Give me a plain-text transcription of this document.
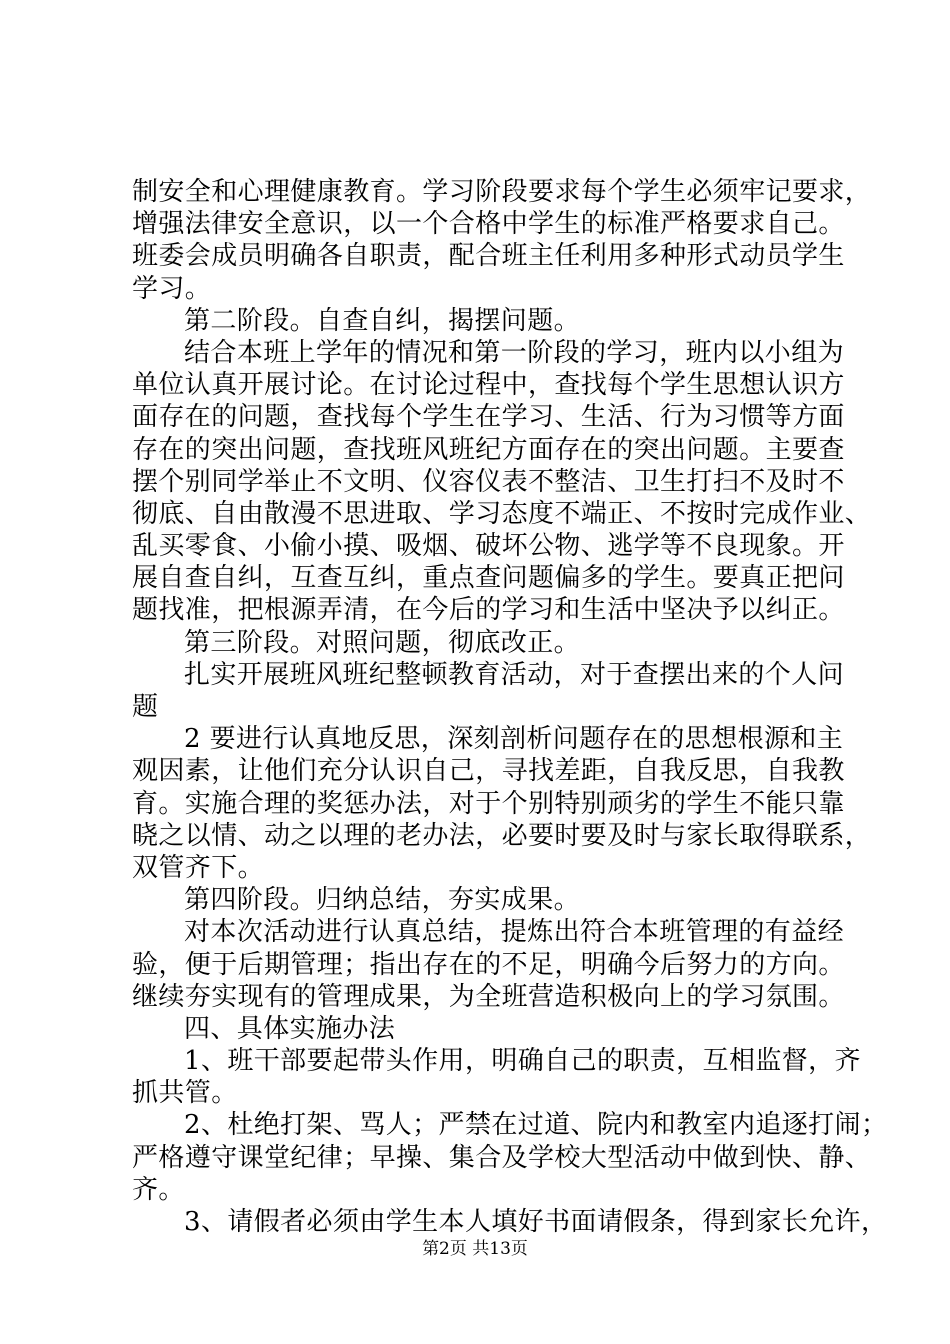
制安全和心理健康教育。学习阶段要求每个学生必须牢记要求，
增强法律安全意识，以一个合格中学生的标准严格要求自己。
班委会成员明确各自职责，配合班主任利用多种形式动员学生
学习。
第二阶段。自查自纠，揭摆问题。
结合本班上学年的情况和第一阶段的学习，班内以小组为
单位认真开展讨论。在讨论过程中，查找每个学生思想认识方
面存在的问题，查找每个学生在学习、生活、行为习惯等方面
存在的突出问题，查找班风班纪方面存在的突出问题。主要查
摆个别同学举止不文明、仪容仪表不整洁、卫生打扫不及时不
彻底、自由散漫不思进取、学习态度不端正、不按时完成作业、
乱买零食、小偷小摸、吸烟、破坏公物、逃学等不良现象。开
展自查自纠，互查互纠，重点查问题偏多的学生。要真正把问
题找准，把根源弄清，在今后的学习和生活中坚决予以纠正。
第三阶段。对照问题，彻底改正。
扎实开展班风班纪整顿教育活动，对于查摆出来的个人问
题
2 要进行认真地反思，深刻剖析问题存在的思想根源和主
观因素，让他们充分认识自己，寻找差距，自我反思，自我教
育。实施合理的奖惩办法，对于个别特别顽劣的学生不能只靠
晓之以情、动之以理的老办法，必要时要及时与家长取得联系，
双管齐下。
第四阶段。归纳总结，夯实成果。
对本次活动进行认真总结，提炼出符合本班管理的有益经
验，便于后期管理；指出存在的不足，明确今后努力的方向。
继续夯实现有的管理成果，为全班营造积极向上的学习氛围。
四、具体实施办法
1、班干部要起带头作用，明确自己的职责，互相监督，齐
抓共管。
2、杜绝打架、骂人；严禁在过道、院内和教室内追逐打闹；
严格遵守课堂纪律；早操、集合及学校大型活动中做到快、静、
齐。
3、请假者必须由学生本人填好书面请假条，得到家长允许，
第2页 共13页
